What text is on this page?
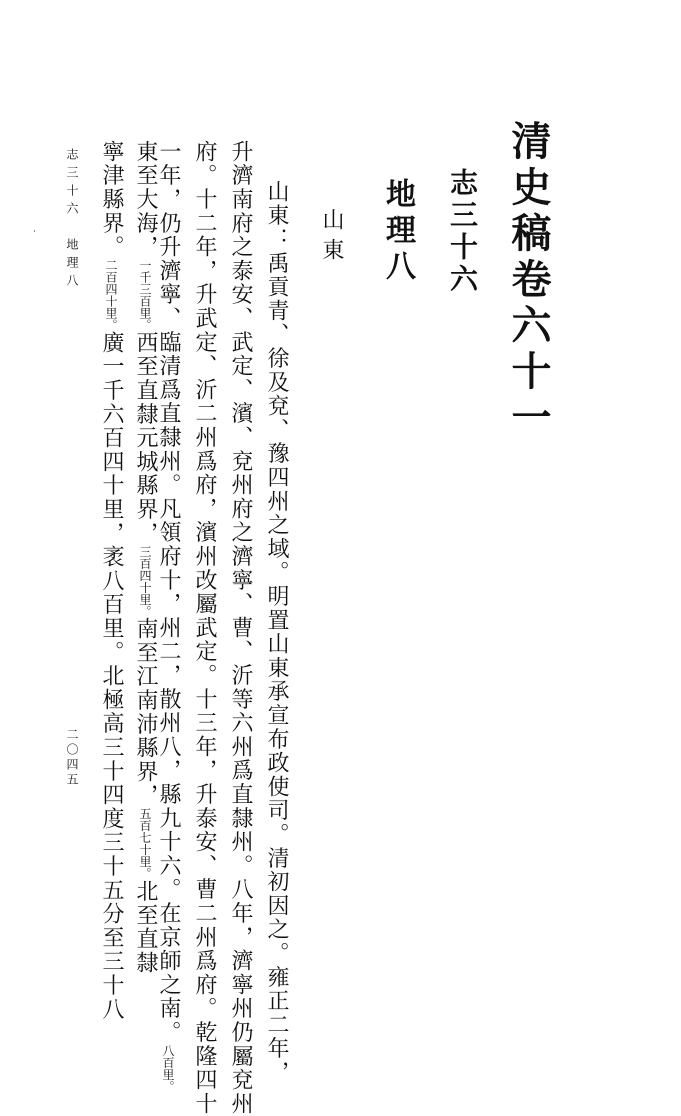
清史稿卷六十一
志三十六
地理八
山東
山東：禹貢青、徐及兗、豫四州之域。明置山東承宣布政使司。清初因之。雍正二年，
升濟南府之泰安、武定、濱、兗州府之濟寧、曹、沂等六州爲直隸州。八年，濟寧州仍屬兗州
府。十二年，升武定、沂二州爲府，濱州改屬武定。十三年，升泰安、曹二州爲府。乾隆四十
一年，仍升濟寧、臨清爲直隸州。凡領府十，州二，散州八，縣九十六。在京師之南。八百里。
東至大海，一千三百里。西至直隸元城縣界，三百四十里。南至江南沛縣界，五百七十里。北至直隸
寧津縣界。二百四十里。廣一千六百四十里，袤八百里。北極高三十四度三十五分至三十八
志三十六　地理八
二〇四五
